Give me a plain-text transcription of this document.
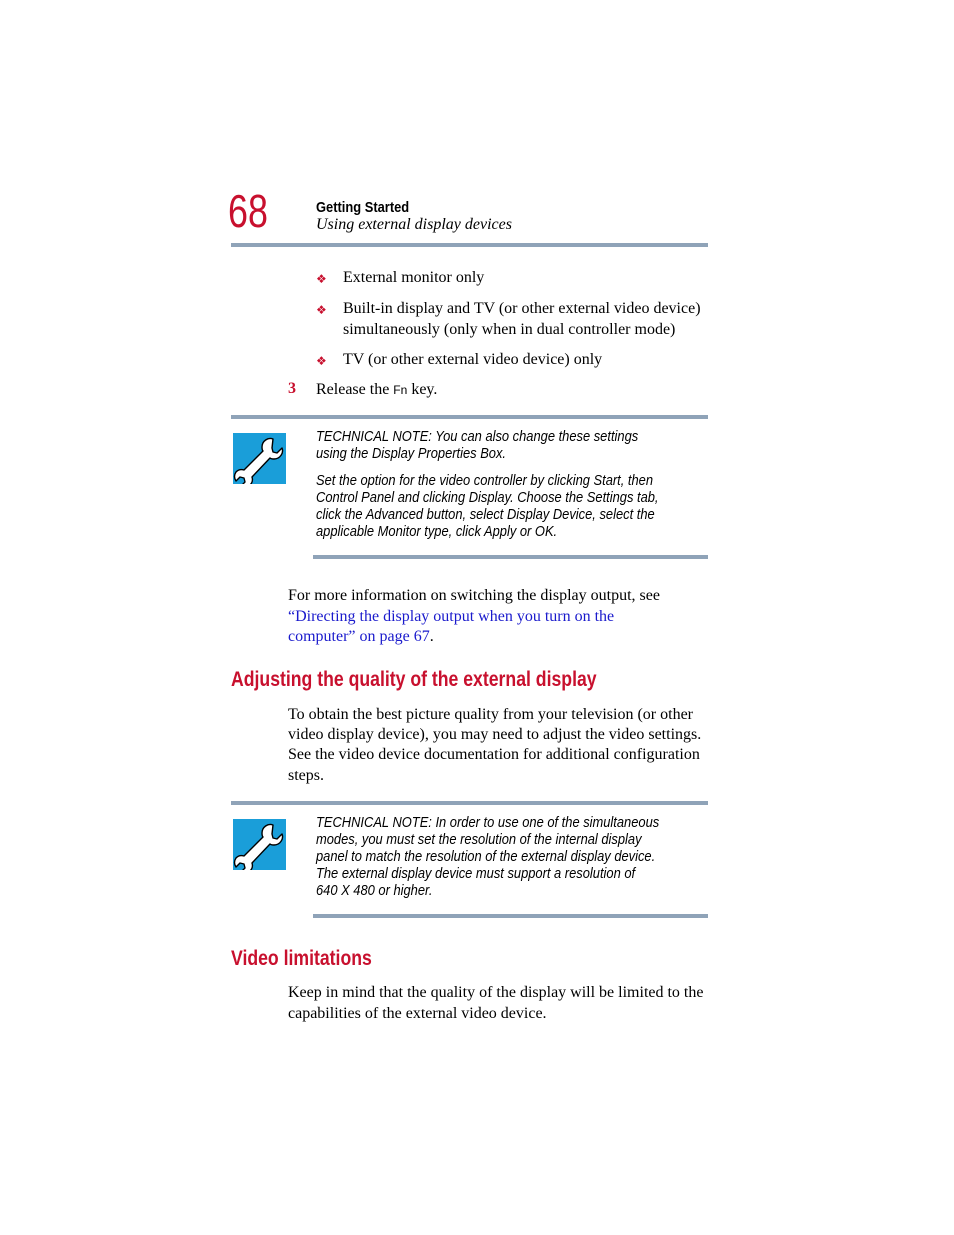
68	Getting Started
Using external display devices
❖ External monitor only
❖ Built-in display and TV (or other external video device)
simultaneously (only when in dual controller mode)
❖ TV (or other external video device) only
3 Release the Fn key.
TECHNICAL NOTE: You can also change these settings
using the Display Properties Box.
Set the option for the video controller by clicking Start, then
Control Panel and clicking Display. Choose the Settings tab,
click the Advanced button, select Display Device, select the
applicable Monitor type, click Apply or OK.
For more information on switching the display output, see
“Directing the display output when you turn on the
computer” on page 67.
Adjusting the quality of the external display
To obtain the best picture quality from your television (or other
video display device), you may need to adjust the video settings.
See the video device documentation for additional configuration
steps.
TECHNICAL NOTE: In order to use one of the simultaneous
modes, you must set the resolution of the internal display
panel to match the resolution of the external display device.
The external display device must support a resolution of
640 X 480 or higher.
Video limitations
Keep in mind that the quality of the display will be limited to the
capabilities of the external video device.
